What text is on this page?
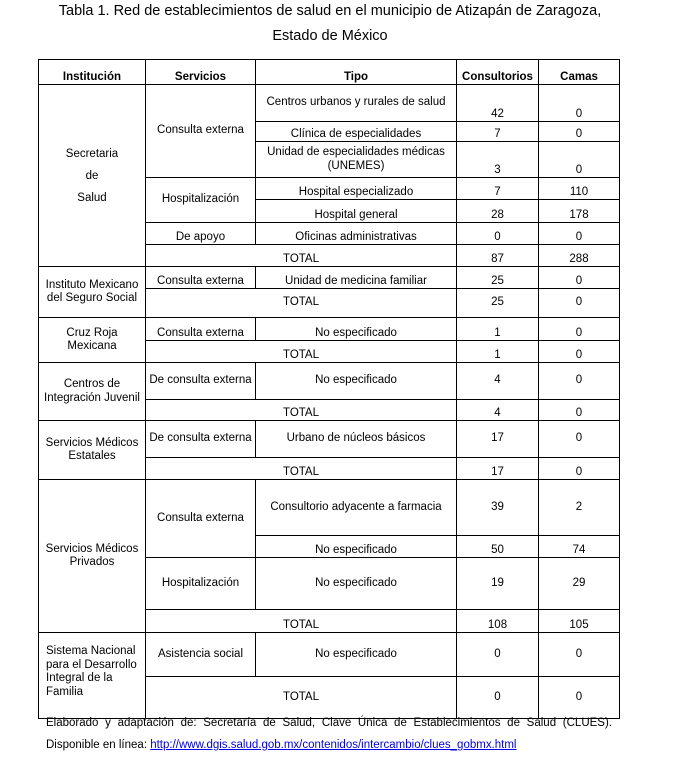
Tabla 1. Red de establecimientos de salud en el municipio de Atizapán de Zaragoza,
Estado de México
Institución	Servicios	Tipo	Consultorios	Camas

Secretaria
de
Salud	Consulta externa	Centros urbanos y rurales de salud	42	0
		Clínica de especialidades	7	0
		Unidad de especialidades médicas (UNEMES)	3	0
	Hospitalización	Hospital especializado	7	110
		Hospital general	28	178
	De apoyo	Oficinas administrativas	0	0
	TOTAL		87	288
Instituto Mexicano del Seguro Social	Consulta externa	Unidad de medicina familiar	25	0
	TOTAL		25	0
Cruz Roja Mexicana	Consulta externa	No especificado	1	0
	TOTAL		1	0
Centros de Integración Juvenil	De consulta externa	No especificado	4	0
	TOTAL		4	0
Servicios Médicos Estatales	De consulta externa	Urbano de núcleos básicos	17	0
	TOTAL		17	0
Servicios Médicos Privados	Consulta externa	Consultorio adyacente a farmacia	39	2
		No especificado	50	74
	Hospitalización	No especificado	19	29
	TOTAL		108	105
Sistema Nacional para el Desarrollo Integral de la Familia	Asistencia social	No especificado	0	0
	TOTAL		0	0
Elaborado y adaptación de: Secretaría de Salud, Clave Única de Establecimientos de Salud (CLUES).
Disponible en línea: http://www.dgis.salud.gob.mx/contenidos/intercambio/clues_gobmx.html
